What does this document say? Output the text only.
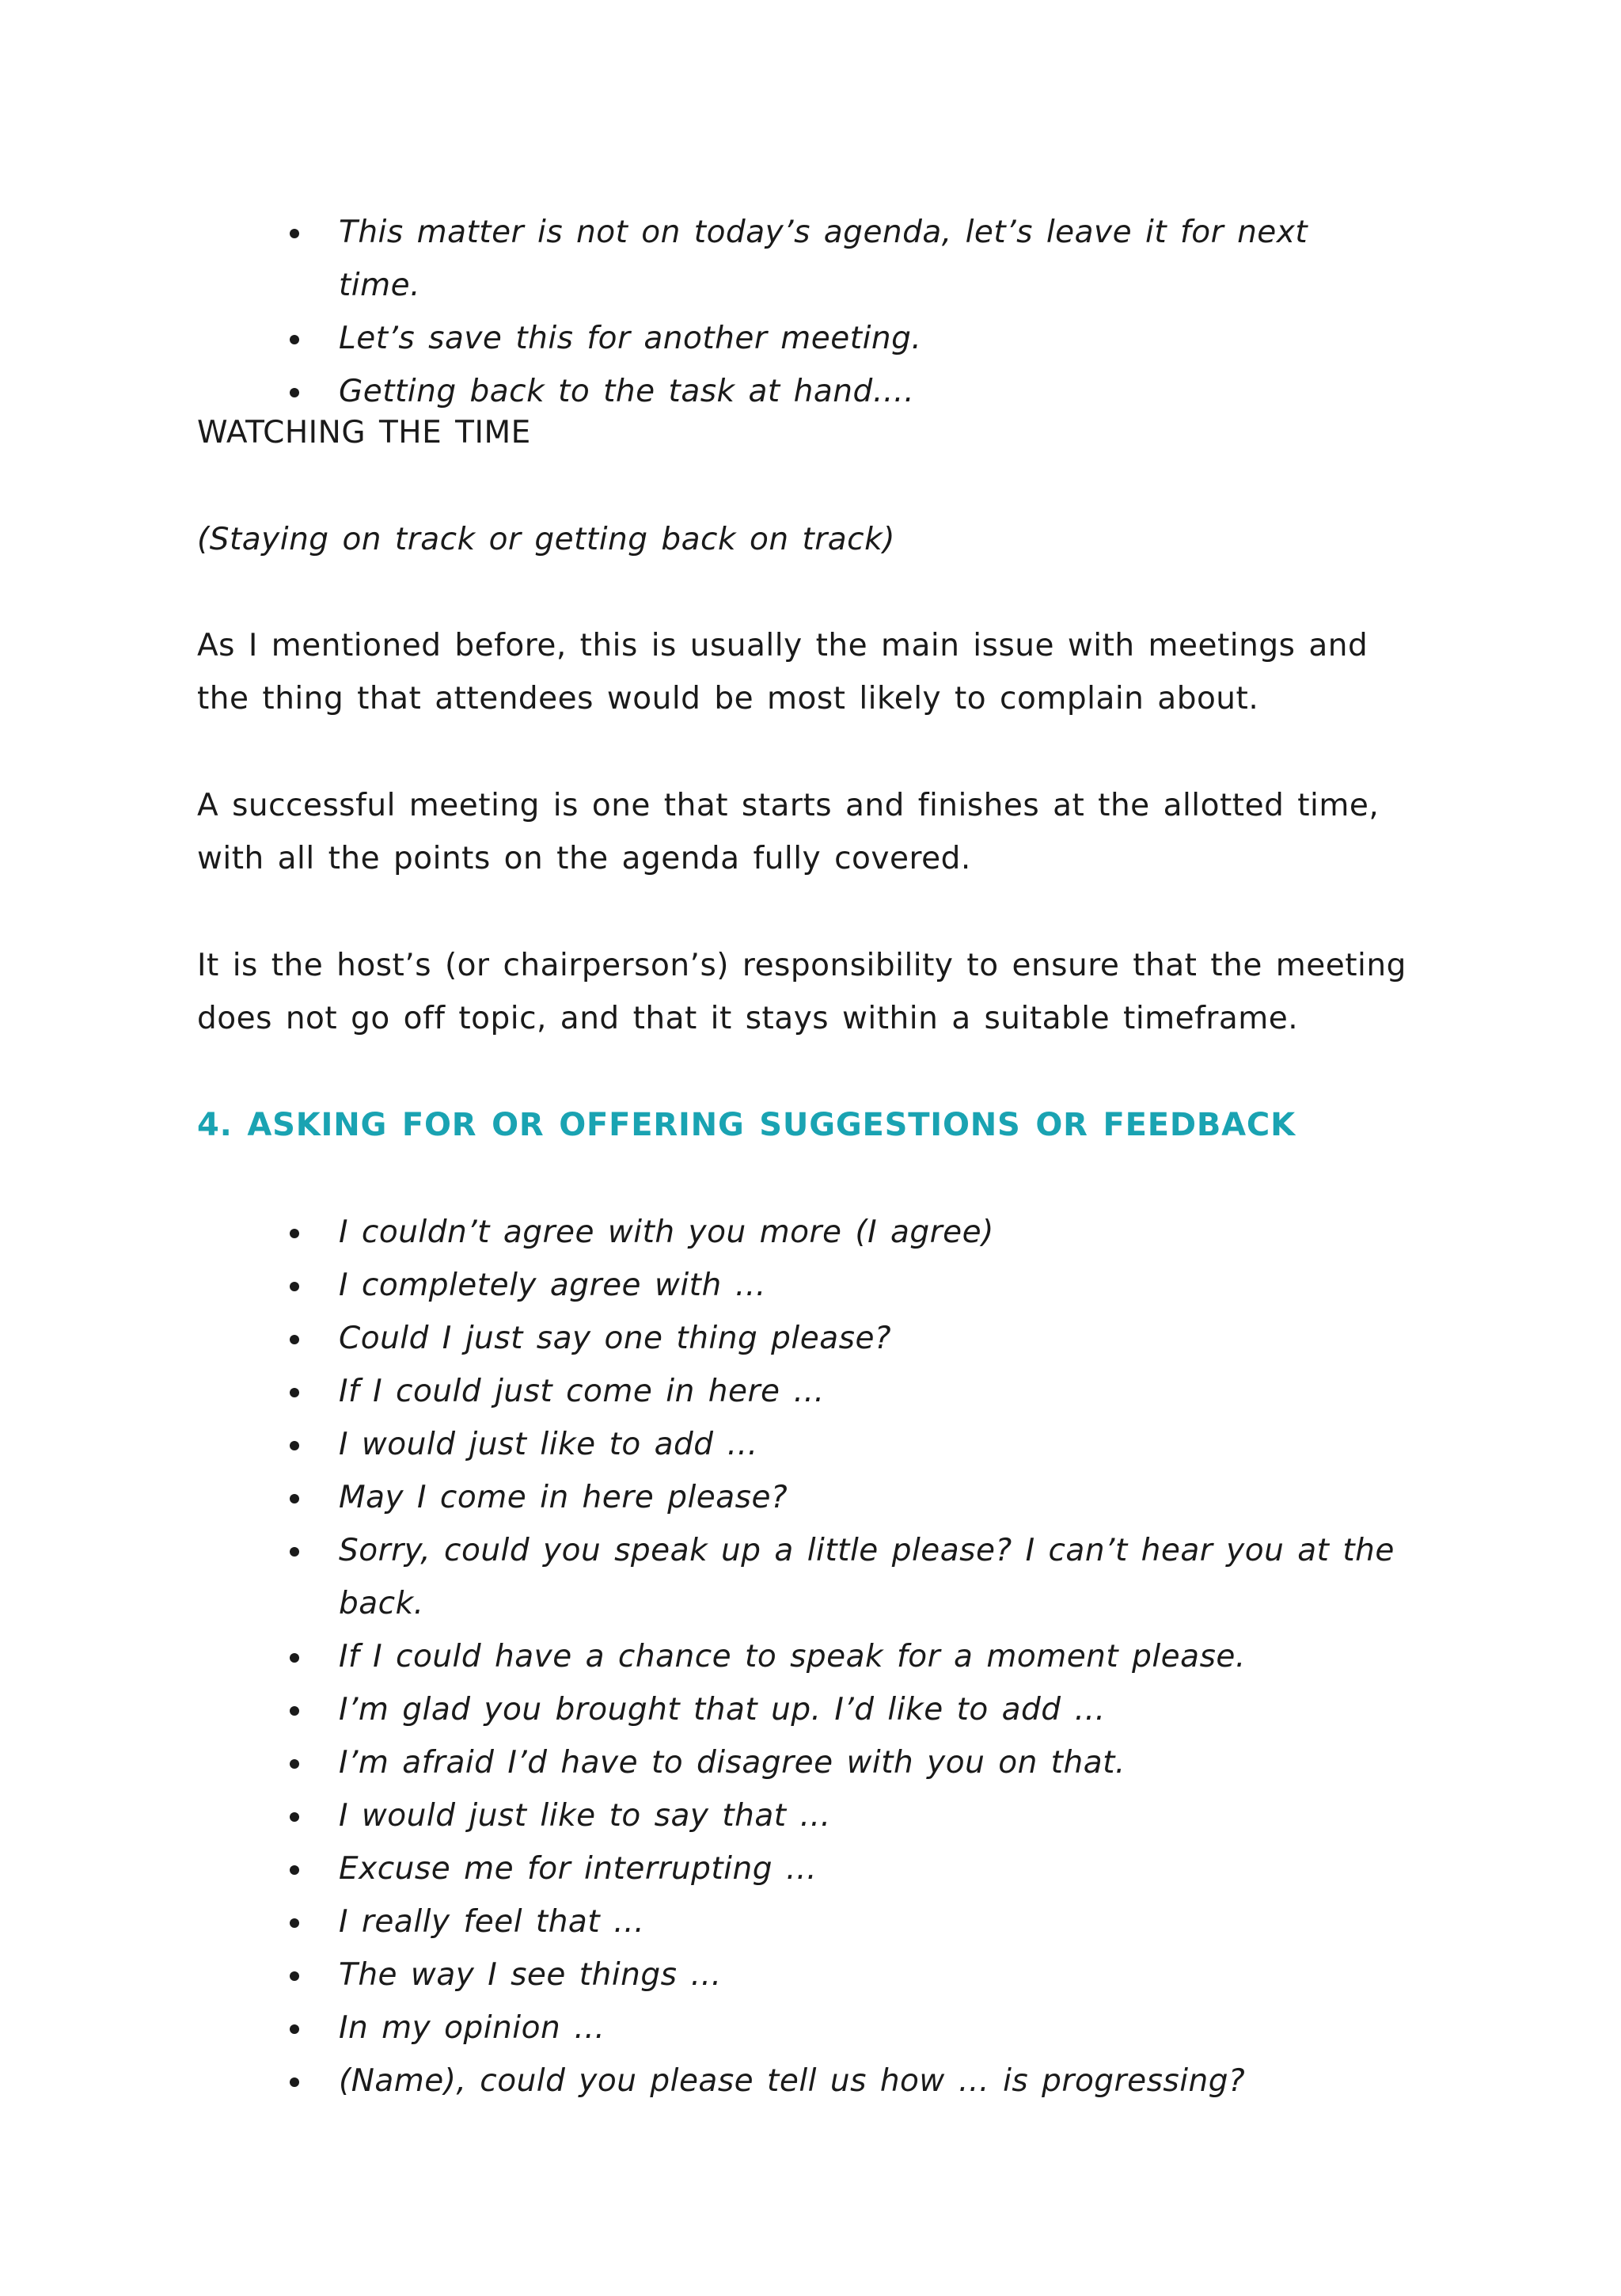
This matter is not on today’s agenda, let’s leave it for next time.
Let’s save this for another meeting.
Getting back to the task at hand….
WATCHING THE TIME
(Staying on track or getting back on track)
As I mentioned before, this is usually the main issue with meetings and the thing that attendees would be most likely to complain about.
A successful meeting is one that starts and finishes at the allotted time, with all the points on the agenda fully covered.
It is the host’s (or chairperson’s) responsibility to ensure that the meeting does not go off topic, and that it stays within a suitable timeframe.
4. ASKING FOR OR OFFERING SUGGESTIONS OR FEEDBACK
I couldn’t agree with you more (I agree)
I completely agree with …
Could I just say one thing please?
If I could just come in here …
I would just like to add …
May I come in here please?
Sorry, could you speak up a little please? I can’t hear you at the back.
If I could have a chance to speak for a moment please.
I’m glad you brought that up. I’d like to add …
I’m afraid I’d have to disagree with you on that.
I would just like to say that …
Excuse me for interrupting …
I really feel that …
The way I see things …
In my opinion …
(Name), could you please tell us how … is progressing?
